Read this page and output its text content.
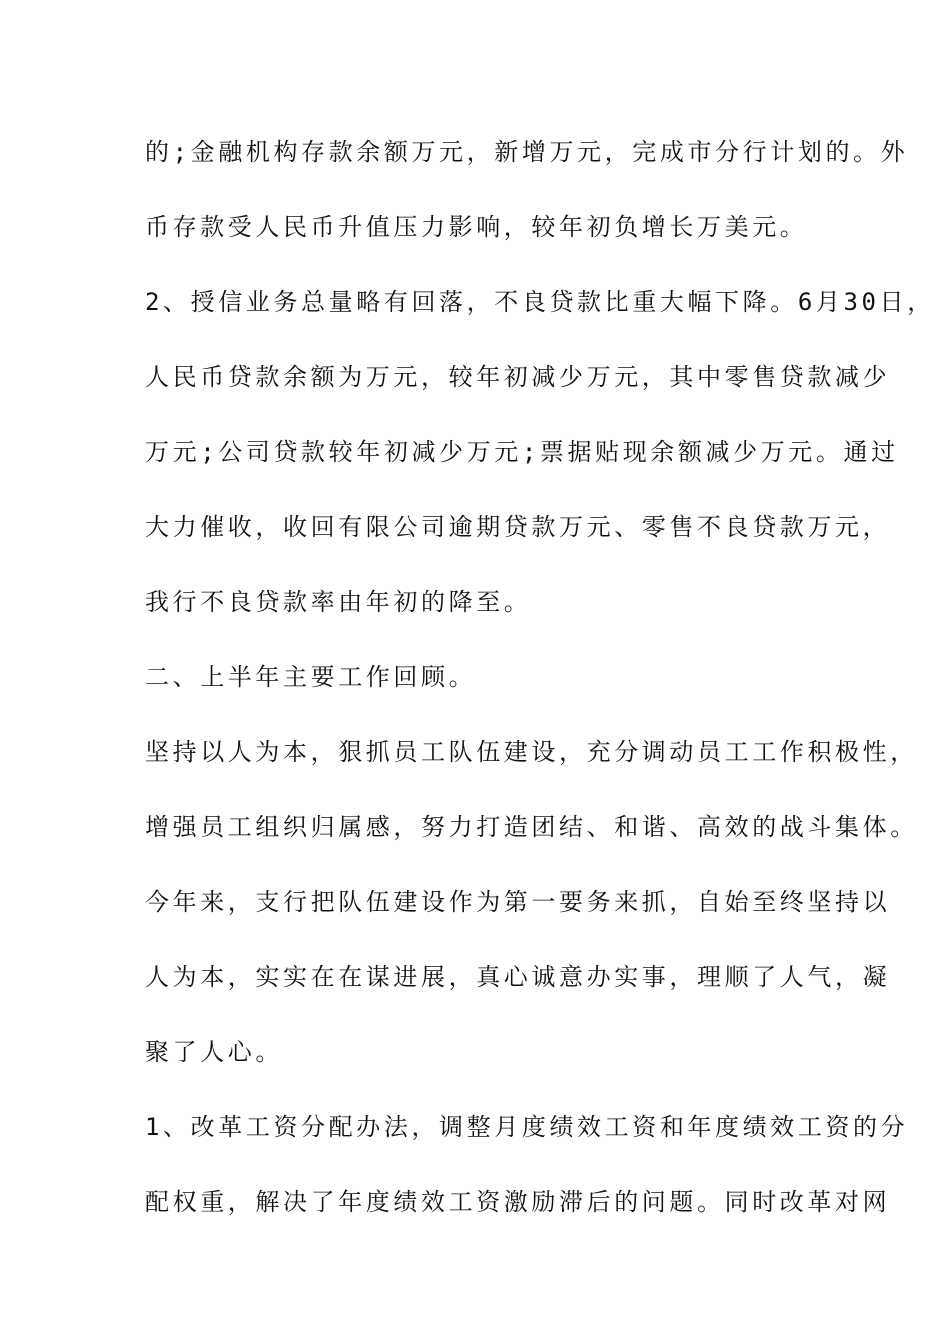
的;金融机构存款余额万元，新增万元，完成市分行计划的。外
币存款受人民币升值压力影响，较年初负增长万美元。
2、授信业务总量略有回落，不良贷款比重大幅下降。6月30日，
人民币贷款余额为万元，较年初减少万元，其中零售贷款减少
万元;公司贷款较年初减少万元;票据贴现余额减少万元。通过
大力催收，收回有限公司逾期贷款万元、零售不良贷款万元，
我行不良贷款率由年初的降至。
二、上半年主要工作回顾。
坚持以人为本，狠抓员工队伍建设，充分调动员工工作积极性，
增强员工组织归属感，努力打造团结、和谐、高效的战斗集体。
今年来，支行把队伍建设作为第一要务来抓，自始至终坚持以
人为本，实实在在谋进展，真心诚意办实事，理顺了人气，凝
聚了人心。
1、改革工资分配办法，调整月度绩效工资和年度绩效工资的分
配权重，解决了年度绩效工资激励滞后的问题。同时改革对网
